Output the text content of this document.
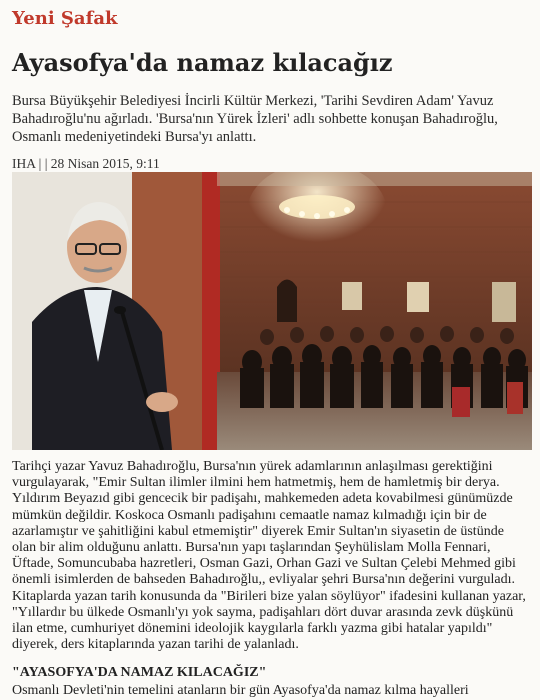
Yeni Şafak
Ayasofya'da namaz kılacağız

Bursa Büyükşehir Belediyesi İncirli Kültür Merkezi, 'Tarihi Sevdiren Adam' Yavuz Bahadıroğlu'nu ağırladı. 'Bursa'nın Yürek İzleri' adlı sohbette konuşan Bahadıroğlu, Osmanlı medeniyetindeki Bursa'yı anlattı.

IHA | | 28 Nisan 2015, 9:11

Tarihçi yazar Yavuz Bahadıroğlu, Bursa'nın yürek adamlarının anlaşılması gerektiğini vurgulayarak, "Emir Sultan ilimler ilmini hem hatmetmiş, hem de hamletmiş bir derya. Yıldırım Beyazıd gibi gencecik bir padişahı, mahkemeden adeta kovabilmesi günümüzde mümkün değildir. Koskoca Osmanlı padişahını cemaatle namaz kılmadığı için bir de azarlamıştır ve şahitliğini kabul etmemiştir" diyerek Emir Sultan'ın siyasetin de üstünde olan bir alim olduğunu anlattı. Bursa'nın yapı taşlarından Şeyhülislam Molla Fennari, Üftade, Somuncubaba hazretleri, Osman Gazi, Orhan Gazi ve Sultan Çelebi Mehmed gibi önemli isimlerden de bahseden Bahadıroğlu,, evliyalar şehri Bursa'nın değerini vurguladı. Kitaplarda yazan tarih konusunda da "Birileri bize yalan söylüyor" ifadesini kullanan yazar, "Yıllardır bu ülkede Osmanlı'yı yok sayma, padişahları dört duvar arasında zevk düşkünü ilan etme, cumhuriyet dönemini ideolojik kaygılarla farklı yazma gibi hatalar yapıldı" diyerek, ders kitaplarında yazan tarihi de yalanladı.

"AYASOFYA'DA NAMAZ KILACAĞIZ"

Osmanlı Devleti'nin temelini atanların bir gün Ayasofya'da namaz kılma hayalleri
